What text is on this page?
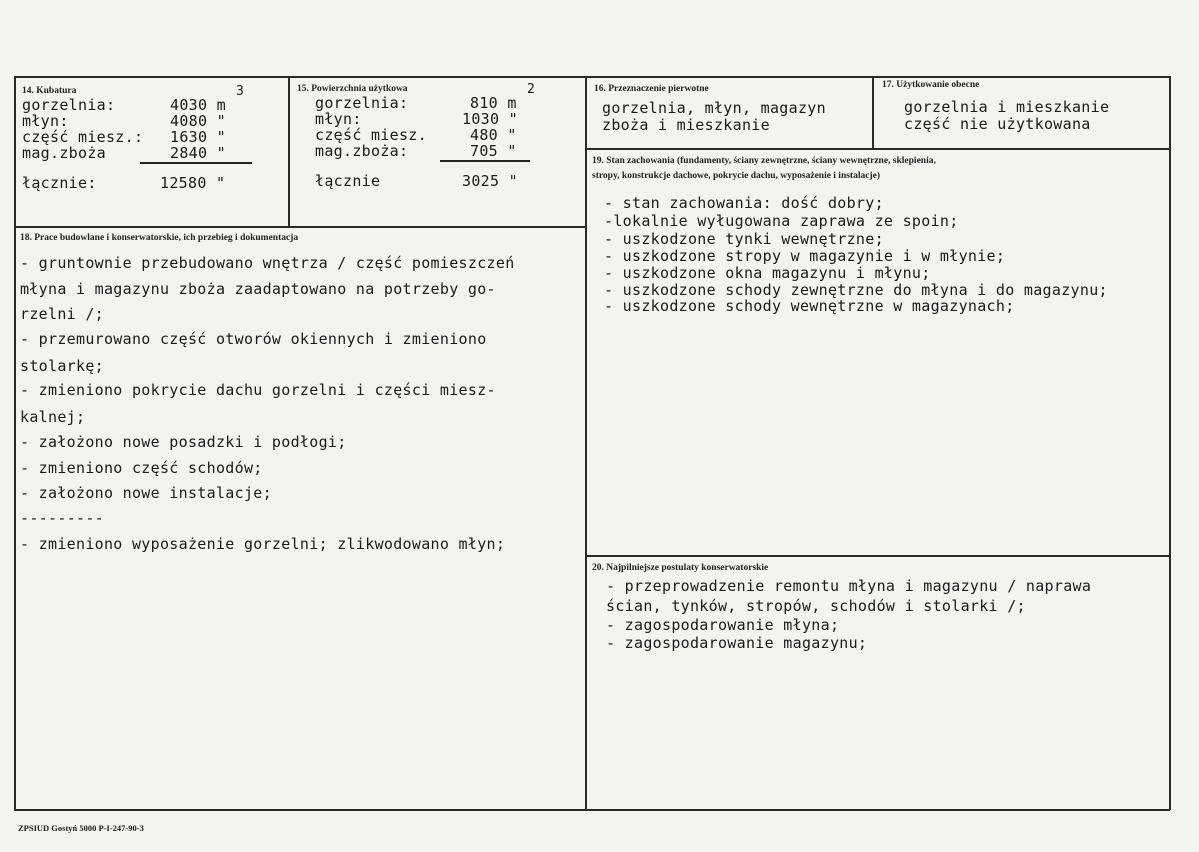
14. Kubatura
gorzelnia:	4030 m
3
młyn:	4080 "
część miesz.: 1630 "
mag.zboża	2840 "
łącznie:	12580 "
15. Powierzchnia użytkowa
gorzelnia:	810 m
2
młyn:	1030 "
część miesz.	480 "
mag.zboża:	705 "
łącznie	3025 "
16. Przeznaczenie pierwotne
gorzelnia, młyn, magazyn
zboża i mieszkanie
17. Użytkowanie obecne
gorzelnia i mieszkanie
część nie użytkowana
18. Prace budowlane i konserwatorskie, ich przebieg i dokumentacja
- gruntownie przebudowano wnętrza / część pomieszczeń
młyna i magazynu zboża zaadaptowano na potrzeby go-
rzelni /;
- przemurowano część otworów okiennych i zmieniono
stolarkę;
- zmieniono pokrycie dachu gorzelni i części miesz-
kalnej;
- założono nowe posadzki i podłogi;
- zmieniono część schodów;
- założono nowe instalacje;
---------
- zmieniono wyposażenie gorzelni; zlikwodowano młyn;
19. Stan zachowania (fundamenty, ściany zewnętrzne, ściany wewnętrzne, sklepienia,
stropy, konstrukcje dachowe, pokrycie dachu, wyposażenie i instalacje)
- stan zachowania: dość dobry;
-lokalnie wyługowana zaprawa ze spoin;
- uszkodzone tynki wewnętrzne;
- uszkodzone stropy w magazynie i w młynie;
- uszkodzone okna magazynu i młynu;
- uszkodzone schody zewnętrzne do młyna i do magazynu;
- uszkodzone schody wewnętrzne w magazynach;
20. Najpilniejsze postulaty konserwatorskie
- przeprowadzenie remontu młyna i magazynu / naprawa
ścian, tynków, stropów, schodów i stolarki /;
- zagospodarowanie młyna;
- zagospodarowanie magazynu;
ZPSIUD Gostyń 5000 P-I-247-90-3
